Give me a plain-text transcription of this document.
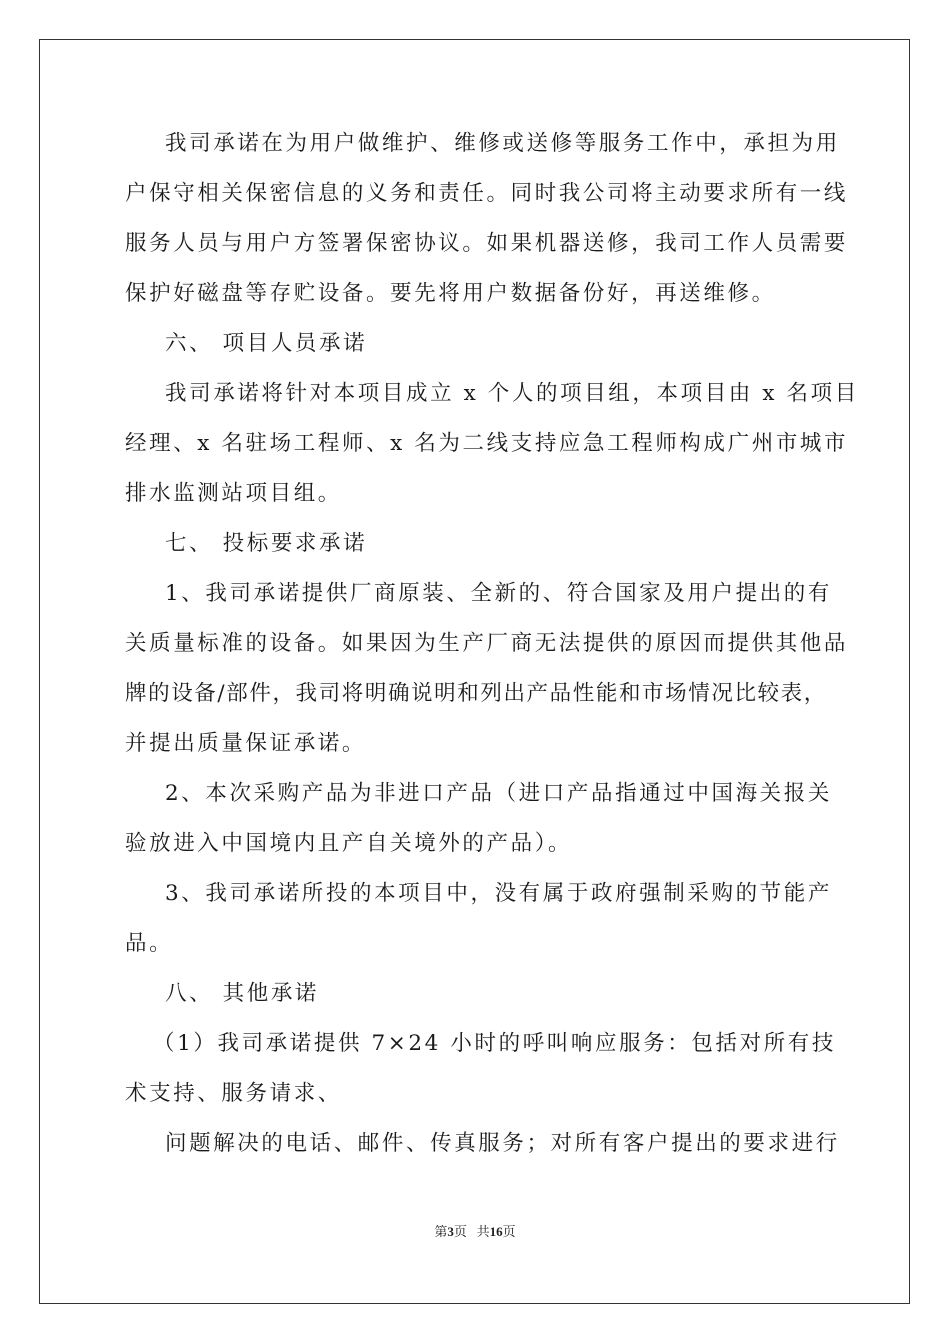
我司承诺在为用户做维护、维修或送修等服务工作中，承担为用
户保守相关保密信息的义务和责任。同时我公司将主动要求所有一线
服务人员与用户方签署保密协议。如果机器送修，我司工作人员需要
保护好磁盘等存贮设备。要先将用户数据备份好，再送维修。
六、 项目人员承诺
我司承诺将针对本项目成立 x 个人的项目组，本项目由 x 名项目
经理、x 名驻场工程师、x 名为二线支持应急工程师构成广州市城市
排水监测站项目组。
七、 投标要求承诺
1、我司承诺提供厂商原装、全新的、符合国家及用户提出的有
关质量标准的设备。如果因为生产厂商无法提供的原因而提供其他品
牌的设备/部件，我司将明确说明和列出产品性能和市场情况比较表，
并提出质量保证承诺。
2、本次采购产品为非进口产品（进口产品指通过中国海关报关
验放进入中国境内且产自关境外的产品）。
3、我司承诺所投的本项目中，没有属于政府强制采购的节能产
品。
八、 其他承诺
（1）我司承诺提供 7×24 小时的呼叫响应服务：包括对所有技
术支持、服务请求、
问题解决的电话、邮件、传真服务；对所有客户提出的要求进行
第3页 共16页
